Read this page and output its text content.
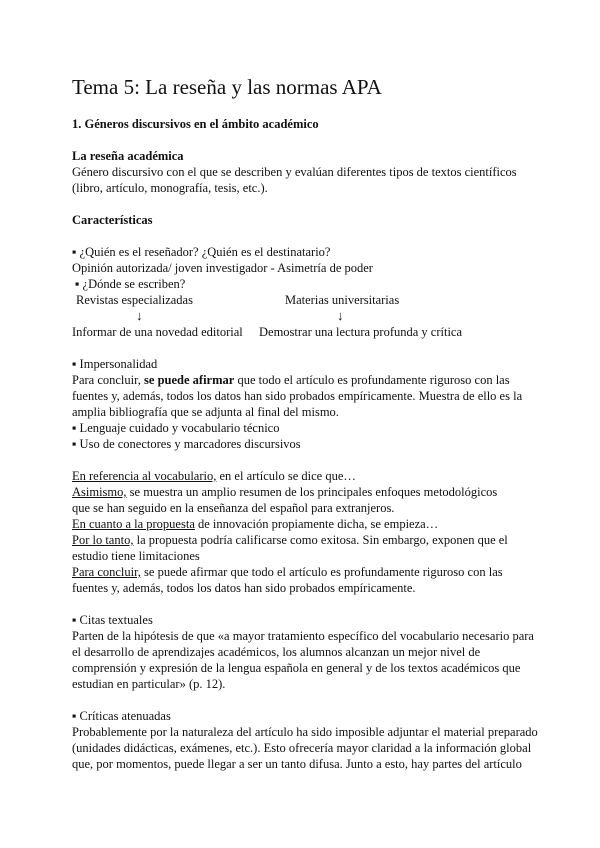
Tema 5: La reseña y las normas APA
1. Géneros discursivos en el ámbito académico
La reseña académica
Género discursivo con el que se describen y evalúan diferentes tipos de textos científicos
(libro, artículo, monografía, tesis, etc.).
Características
▪ ¿Quién es el reseñador? ¿Quién es el destinatario?
Opinión autorizada/ joven investigador - Asimetría de poder
▪ ¿Dónde se escriben?
Revistas especializadas	Materias universitarias
↓	↓
Informar de una novedad editorial Demostrar una lectura profunda y crítica
▪ Impersonalidad
Para concluir, se puede afirmar que todo el artículo es profundamente riguroso con las
fuentes y, además, todos los datos han sido probados empíricamente. Muestra de ello es la
amplia bibliografía que se adjunta al final del mismo.
▪ Lenguaje cuidado y vocabulario técnico
▪ Uso de conectores y marcadores discursivos
En referencia al vocabulario, en el artículo se dice que…
Asimismo, se muestra un amplio resumen de los principales enfoques metodológicos
que se han seguido en la enseñanza del español para extranjeros.
En cuanto a la propuesta de innovación propiamente dicha, se empieza…
Por lo tanto, la propuesta podría calificarse como exitosa. Sin embargo, exponen que el
estudio tiene limitaciones
Para concluir, se puede afirmar que todo el artículo es profundamente riguroso con las
fuentes y, además, todos los datos han sido probados empíricamente.
▪ Citas textuales
Parten de la hipótesis de que «a mayor tratamiento específico del vocabulario necesario para
el desarrollo de aprendizajes académicos, los alumnos alcanzan un mejor nivel de
comprensión y expresión de la lengua española en general y de los textos académicos que
estudian en particular» (p. 12).
▪ Críticas atenuadas
Probablemente por la naturaleza del artículo ha sido imposible adjuntar el material preparado
(unidades didácticas, exámenes, etc.). Esto ofrecería mayor claridad a la información global
que, por momentos, puede llegar a ser un tanto difusa. Junto a esto, hay partes del artículo
